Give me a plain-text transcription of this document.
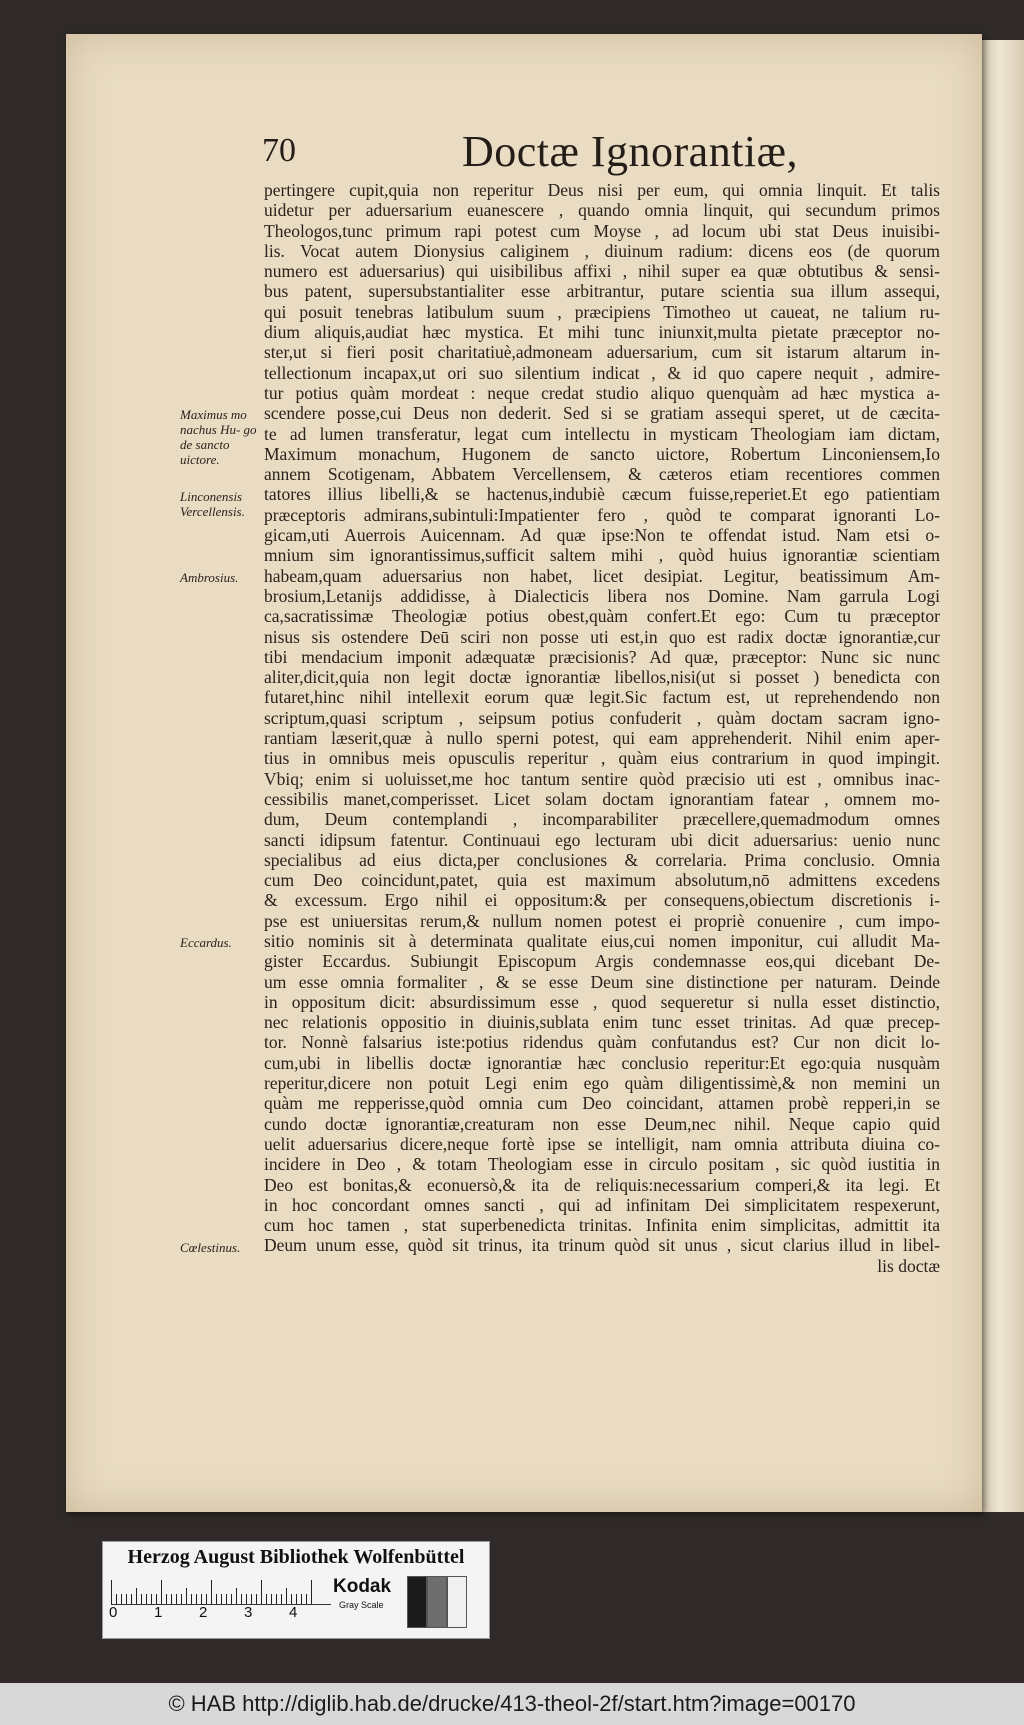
70	Doctæ Ignorantiæ,
Maximus mo nachus Hu- go de sancto uictore.
Linconensis Vercellensis.
Ambrosius.
Eccardus.
Cœlestinus.
pertingere cupit,quia non reperitur Deus nisi per eum, qui omnia linquit. Et talis
uidetur per aduersarium euanescere , quando omnia linquit, qui secundum primos
Theologos,tunc primum rapi potest cum Moyse , ad locum ubi stat Deus inuisibi-
lis. Vocat autem Dionysius caliginem , diuinum radium: dicens eos (de quorum
numero est aduersarius) qui uisibilibus affixi , nihil super ea quæ obtutibus & sensi-
bus patent, supersubstantialiter esse arbitrantur, putare scientia sua illum assequi,
qui posuit tenebras latibulum suum , præcipiens Timotheo ut caueat, ne talium ru-
dium aliquis,audiat hæc mystica. Et mihi tunc iniunxit,multa pietate præceptor no-
ster,ut si fieri posit charitatiuè,admoneam aduersarium, cum sit istarum altarum in-
tellectionum incapax,ut ori suo silentium indicat , & id quo capere nequit , admire-
tur potius quàm mordeat : neque credat studio aliquo quenquàm ad hæc mystica a-
scendere posse,cui Deus non dederit. Sed si se gratiam assequi speret, ut de cæcita-
te ad lumen transferatur, legat cum intellectu in mysticam Theologiam iam dictam,
Maximum monachum, Hugonem de sancto uictore, Robertum Linconiensem,Io
annem Scotigenam, Abbatem Vercellensem, & cæteros etiam recentiores commen
tatores illius libelli,& se hactenus,indubiè cæcum fuisse,reperiet.Et ego patientiam
præceptoris admirans,subintuli:Impatienter fero , quòd te comparat ignoranti Lo-
gicam,uti Auerrois Auicennam. Ad quæ ipse:Non te offendat istud. Nam etsi o-
mnium sim ignorantissimus,sufficit saltem mihi , quòd huius ignorantiæ scientiam
habeam,quam aduersarius non habet, licet desipiat. Legitur, beatissimum Am-
brosium,Letanijs addidisse, à Dialecticis libera nos Domine. Nam garrula Logi
ca,sacratissimæ Theologiæ potius obest,quàm confert.Et ego: Cum tu præceptor
nisus sis ostendere Deū sciri non posse uti est,in quo est radix doctæ ignorantiæ,cur
tibi mendacium imponit adæquatæ præcisionis? Ad quæ, præceptor: Nunc sic nunc
aliter,dicit,quia non legit doctæ ignorantiæ libellos,nisi(ut si posset ) benedicta con
futaret,hinc nihil intellexit eorum quæ legit.Sic factum est, ut reprehendendo non
scriptum,quasi scriptum , seipsum potius confuderit , quàm doctam sacram igno-
rantiam læserit,quæ à nullo sperni potest, qui eam apprehenderit. Nihil enim aper-
tius in omnibus meis opusculis reperitur , quàm eius contrarium in quod impingit.
Vbiq; enim si uoluisset,me hoc tantum sentire quòd præcisio uti est , omnibus inac-
cessibilis manet,comperisset. Licet solam doctam ignorantiam fatear , omnem mo-
dum, Deum contemplandi , incomparabiliter præcellere,quemadmodum omnes
sancti idipsum fatentur. Continuaui ego lecturam ubi dicit aduersarius: uenio nunc
specialibus ad eius dicta,per conclusiones & correlaria. Prima conclusio. Omnia
cum Deo coincidunt,patet, quia est maximum absolutum,nō admittens excedens
& excessum. Ergo nihil ei oppositum:& per consequens,obiectum discretionis i-
pse est uniuersitas rerum,& nullum nomen potest ei propriè conuenire , cum impo-
sitio nominis sit à determinata qualitate eius,cui nomen imponitur, cui alludit Ma-
gister Eccardus. Subiungit Episcopum Argis condemnasse eos,qui dicebant De-
um esse omnia formaliter , & se esse Deum sine distinctione per naturam. Deinde
in oppositum dicit: absurdissimum esse , quod sequeretur si nulla esset distinctio,
nec relationis oppositio in diuinis,sublata enim tunc esset trinitas. Ad quæ precep-
tor. Nonnè falsarius iste:potius ridendus quàm confutandus est? Cur non dicit lo-
cum,ubi in libellis doctæ ignorantiæ hæc conclusio reperitur:Et ego:quia nusquàm
reperitur,dicere non potuit Legi enim ego quàm diligentissimè,& non memini un
quàm me repperisse,quòd omnia cum Deo coincidant, attamen probè repperi,in se
cundo doctæ ignorantiæ,creaturam non esse Deum,nec nihil. Neque capio quid
uelit aduersarius dicere,neque fortè ipse se intelligit, nam omnia attributa diuina co-
incidere in Deo , & totam Theologiam esse in circulo positam , sic quòd iustitia in
Deo est bonitas,& econuersò,& ita de reliquis:necessarium comperi,& ita legi. Et
in hoc concordant omnes sancti , qui ad infinitam Dei simplicitatem respexerunt,
cum hoc tamen , stat superbenedicta trinitas. Infinita enim simplicitas, admittit ita
Deum unum esse, quòd sit trinus, ita trinum quòd sit unus , sicut clarius illud in libel-
lis doctæ
Herzog August Bibliothek Wolfenbüttel
Kodak
Gray Scale
0 1 2 3 4
© HAB http://diglib.hab.de/drucke/413-theol-2f/start.htm?image=00170
